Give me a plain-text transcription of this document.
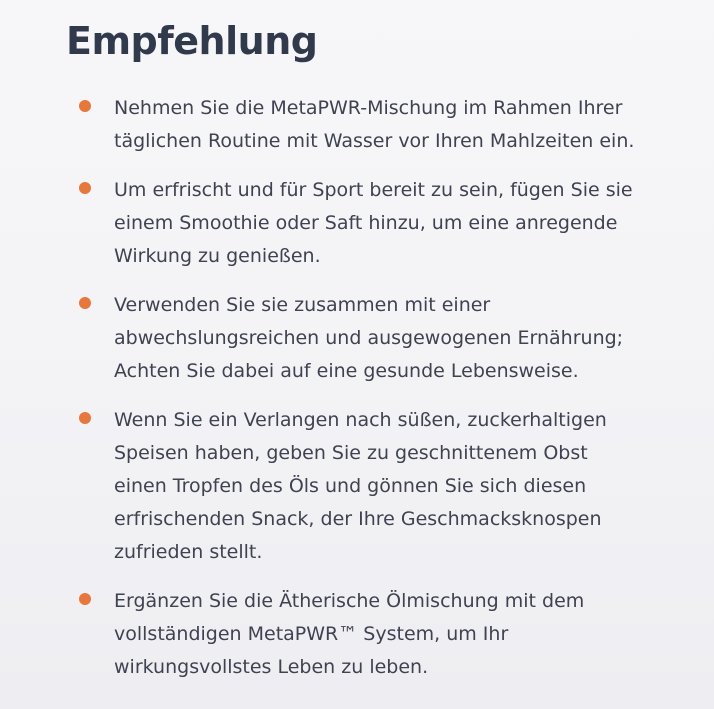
Empfehlung
Nehmen Sie die MetaPWR-Mischung im Rahmen Ihrer
täglichen Routine mit Wasser vor Ihren Mahlzeiten ein.
Um erfrischt und für Sport bereit zu sein, fügen Sie sie
einem Smoothie oder Saft hinzu, um eine anregende
Wirkung zu genießen.
Verwenden Sie sie zusammen mit einer
abwechslungsreichen und ausgewogenen Ernährung;
Achten Sie dabei auf eine gesunde Lebensweise.
Wenn Sie ein Verlangen nach süßen, zuckerhaltigen
Speisen haben, geben Sie zu geschnittenem Obst
einen Tropfen des Öls und gönnen Sie sich diesen
erfrischenden Snack, der Ihre Geschmacksknospen
zufrieden stellt.
Ergänzen Sie die Ätherische Ölmischung mit dem
vollständigen MetaPWR™ System, um Ihr
wirkungsvollstes Leben zu leben.
